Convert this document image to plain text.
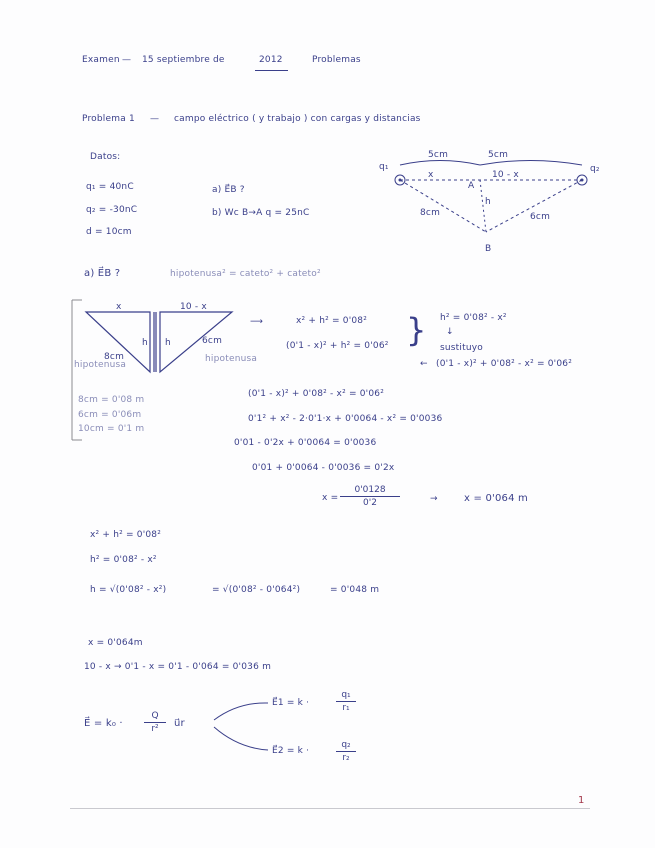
Examen — 15 septiembre de	2012	Problemas
Problema 1 — campo eléctrico ( y trabajo ) con cargas y distancias
Datos:
q₁ = 40nC
q₂ = -30nC
d = 10cm
a) E⃗B ?
b) Wc B→A q = 25nC
q₁	q₂
5cm	5cm
x	10 - x
A
h
8cm	6cm
B
a) E⃗B ?	hipotenusa² = cateto² + cateto²
x	10 - x
h h
8cm
6cm
hipotenusa
hipotenusa
8cm = 0'08 m
6cm = 0'06m
10cm = 0'1 m
⟶	x² + h² = 0'08²
(0'1 - x)² + h² = 0'06² } h² = 0'08² - x²
↓
sustituyo
← (0'1 - x)² + 0'08² - x² = 0'06²
(0'1 - x)² + 0'08² - x² = 0'06²
0'1² + x² - 2·0'1·x + 0'0064 - x² = 0'0036
0'01 - 0'2x + 0'0064 = 0'0036
0'01 + 0'0064 - 0'0036 = 0'2x
x =
0'0128
0'2	→	x = 0'064 m
x² + h² = 0'08²
h² = 0'08² - x²
h = √(0'08² - x²)	= √(0'08² - 0'064²)	= 0'048 m
x = 0'064m
10 - x → 0'1 - x = 0'1 - 0'064 = 0'036 m
E⃗ = k₀ ·
Q
r² u⃗r
E⃗1 = k ·
q₁
r₁
E⃗2 = k ·
q₂
r₂
1
